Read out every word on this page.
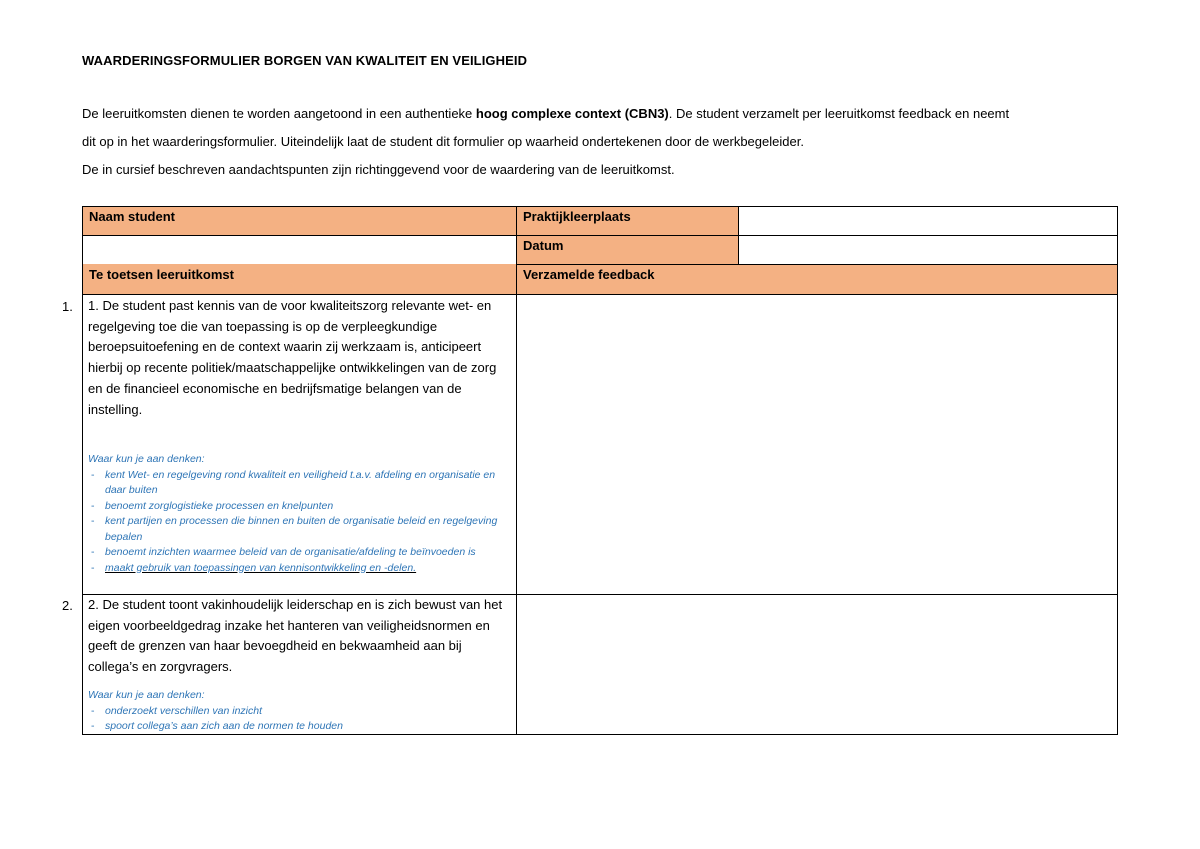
WAARDERINGSFORMULIER BORGEN VAN KWALITEIT EN VEILIGHEID
De leeruitkomsten dienen te worden aangetoond in een authentieke hoog complexe context (CBN3). De student verzamelt per leeruitkomst feedback en neemt
dit op in het waarderingsformulier. Uiteindelijk laat de student dit formulier op waarheid ondertekenen door de werkbegeleider.
De in cursief beschreven aandachtspunten zijn richtinggevend voor de waardering van de leeruitkomst.
Naam student	Praktijkleerplaats
Datum
Te toetsen leeruitkomst	Verzamelde feedback
1. 1. De student past kennis van de voor kwaliteitszorg relevante wet- en regelgeving toe die van toepassing is op de verpleegkundige beroepsuitoefening en de context waarin zij werkzaam is, anticipeert hierbij op recente politiek/maatschappelijke ontwikkelingen van de zorg en de financieel economische en bedrijfsmatige belangen van de instelling.
Waar kun je aan denken:
- kent Wet- en regelgeving rond kwaliteit en veiligheid t.a.v. afdeling en organisatie en daar buiten
- benoemt zorglogistieke processen en knelpunten
- kent partijen en processen die binnen en buiten de organisatie beleid en regelgeving bepalen
- benoemt inzichten waarmee beleid van de organisatie/afdeling te beïnvoeden is
- maakt gebruik van toepassingen van kennisontwikkeling en -delen.
2. 2. De student toont vakinhoudelijk leiderschap en is zich bewust van het eigen voorbeeldgedrag inzake het hanteren van veiligheidsnormen en geeft de grenzen van haar bevoegdheid en bekwaamheid aan bij collega’s en zorgvragers.
Waar kun je aan denken:
- onderzoekt verschillen van inzicht
- spoort collega’s aan zich aan de normen te houden
